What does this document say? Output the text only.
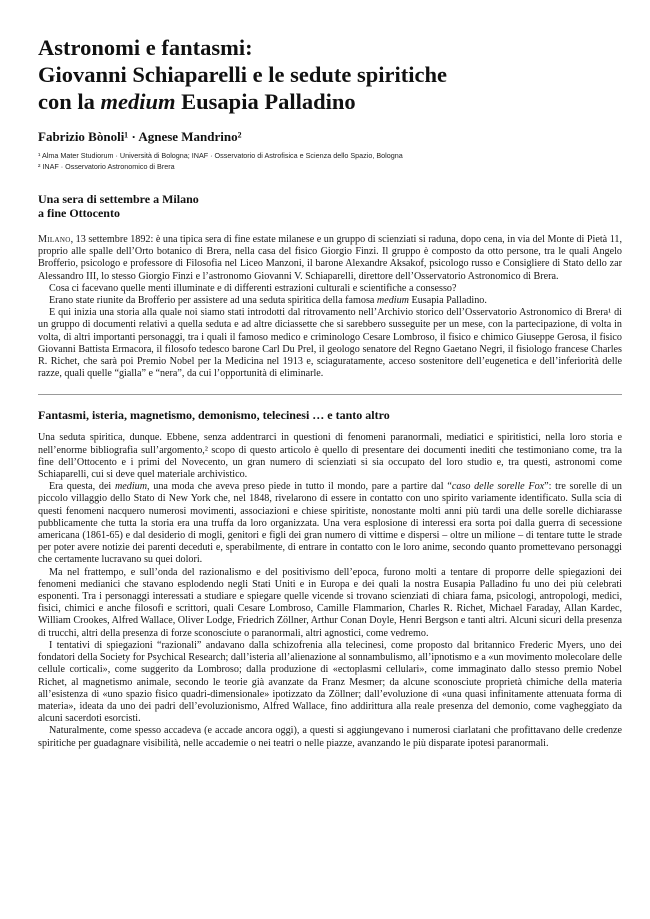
Astronomi e fantasmi:
Giovanni Schiaparelli e le sedute spiritiche
con la medium Eusapia Palladino
Fabrizio Bònoli¹ · Agnese Mandrino²
¹ Alma Mater Studiorum · Università di Bologna; INAF · Osservatorio di Astrofisica e Scienza dello Spazio, Bologna
² INAF · Osservatorio Astronomico di Brera
Una sera di settembre a Milano
a fine Ottocento

Milano, 13 settembre 1892: è una tipica sera di fine estate milanese e un gruppo di scienziati si raduna, dopo cena, in via del Monte di Pietà 11, proprio alle spalle dell’Orto botanico di Brera, nella casa del fisico Giorgio Finzi. Il gruppo è composto da otto persone, tra le quali Angelo Brofferio, psicologo e professore di Filosofia nel Liceo Manzoni, il barone Alexandre Aksakof, psicologo russo e Consigliere di Stato dello zar Alessandro III, lo stesso Giorgio Finzi e l’astronomo Giovanni V. Schiaparelli, direttore dell’Osservatorio Astronomico di Brera.

Cosa ci facevano quelle menti illuminate e di differenti estrazioni culturali e scientifiche a consesso?

Erano state riunite da Brofferio per assistere ad una seduta spiritica della famosa medium Eusapia Palladino.

E qui inizia una storia alla quale noi siamo stati introdotti dal ritrovamento nell’Archivio storico dell’Osservatorio Astronomico di Brera¹ di un gruppo di documenti relativi a quella seduta e ad altre diciassette che si sarebbero susseguite per un mese, con la partecipazione, di volta in volta, di altri importanti personaggi, tra i quali il famoso medico e criminologo Cesare Lombroso, il fisico e chimico Giuseppe Gerosa, il fisico Giovanni Battista Ermacora, il filosofo tedesco barone Carl Du Prel, il geologo senatore del Regno Gaetano Negri, il fisiologo francese Charles R. Richet, che sarà poi Premio Nobel per la Medicina nel 1913 e, sciaguratamente, acceso sostenitore dell’eugenetica e dell’inferiorità delle razze, quali quelle “gialla” e “nera”, da cui l’opportunità di eliminarle.

Fantasmi, isteria, magnetismo, demonismo, telecinesi … e tanto altro

Una seduta spiritica, dunque. Ebbene, senza addentrarci in questioni di fenomeni paranormali, mediatici e spiritistici, nella loro storia e nell’enorme bibliografia sull’argomento,² scopo di questo articolo è quello di presentare dei documenti inediti che testimoniano come, tra la fine dell’Ottocento e i primi del Novecento, un gran numero di scienziati si sia occupato del loro studio e, tra questi, astronomi come Schiaparelli, cui si deve quel materiale archivistico.

Era questa, dei medium, una moda che aveva preso piede in tutto il mondo, pare a partire dal “caso delle sorelle Fox”: tre sorelle di un piccolo villaggio dello Stato di New York che, nel 1848, rivelarono di essere in contatto con uno spirito variamente identificato. Sulla scia di questi fenomeni nacquero numerosi movimenti, associazioni e chiese spiritiste, nonostante molti anni più tardi una delle sorelle dichiarasse pubblicamente che tutta la storia era una truffa da loro organizzata. Una vera esplosione di interessi era sorta poi dalla guerra di secessione americana (1861-65) e dal desiderio di mogli, genitori e figli dei gran numero di vittime e dispersi – oltre un milione – di tentare tutte le strade per poter avere notizie dei parenti deceduti e, sperabilmente, di entrare in contatto con le loro anime, secondo quanto promettevano personaggi che certamente lucravano su quei dolori.

Ma nel frattempo, e sull’onda del razionalismo e del positivismo dell’epoca, furono molti a tentare di proporre delle spiegazioni dei fenomeni medianici che stavano esplodendo negli Stati Uniti e in Europa e dei quali la nostra Eusapia Palladino fu uno dei più celebrati esponenti. Tra i personaggi interessati a studiare e spiegare quelle vicende si trovano scienziati di chiara fama, psicologi, antropologi, medici, fisici, chimici e anche filosofi e scrittori, quali Cesare Lombroso, Camille Flammarion, Charles R. Richet, Michael Faraday, Allan Kardec, William Crookes, Alfred Wallace, Oliver Lodge, Friedrich Zöllner, Arthur Conan Doyle, Henri Bergson e tanti altri. Alcuni sicuri della presenza di trucchi, altri della presenza di forze sconosciute o paranormali, altri agnostici, come vedremo.

I tentativi di spiegazioni “razionali” andavano dalla schizofrenia alla telecinesi, come proposto dal britannico Frederic Myers, uno dei fondatori della Society for Psychical Research; dall’isteria all’alienazione al sonnambulismo, all’ipnotismo e a «un movimento molecolare delle cellule corticali», come suggerito da Lombroso; dalla produzione di «ectoplasmi cellulari», come immaginato dallo stesso premio Nobel Richet, al magnetismo animale, secondo le teorie già avanzate da Franz Mesmer; da alcune sconosciute proprietà chimiche della materia all’esistenza di «uno spazio fisico quadri-dimensionale» ipotizzato da Zöllner; dall’evoluzione di «una quasi infinitamente attenuata forma di materia», ideata da uno dei padri dell’evoluzionismo, Alfred Wallace, fino addirittura alla reale presenza del demonio, come vagheggiato da alcuni sacerdoti esorcisti.

Naturalmente, come spesso accadeva (e accade ancora oggi), a questi si aggiungevano i numerosi ciarlatani che profittavano delle credenze spiritiche per guadagnare visibilità, nelle accademie o nei teatri o nelle piazze, avanzando le più disparate ipotesi paranormali.
